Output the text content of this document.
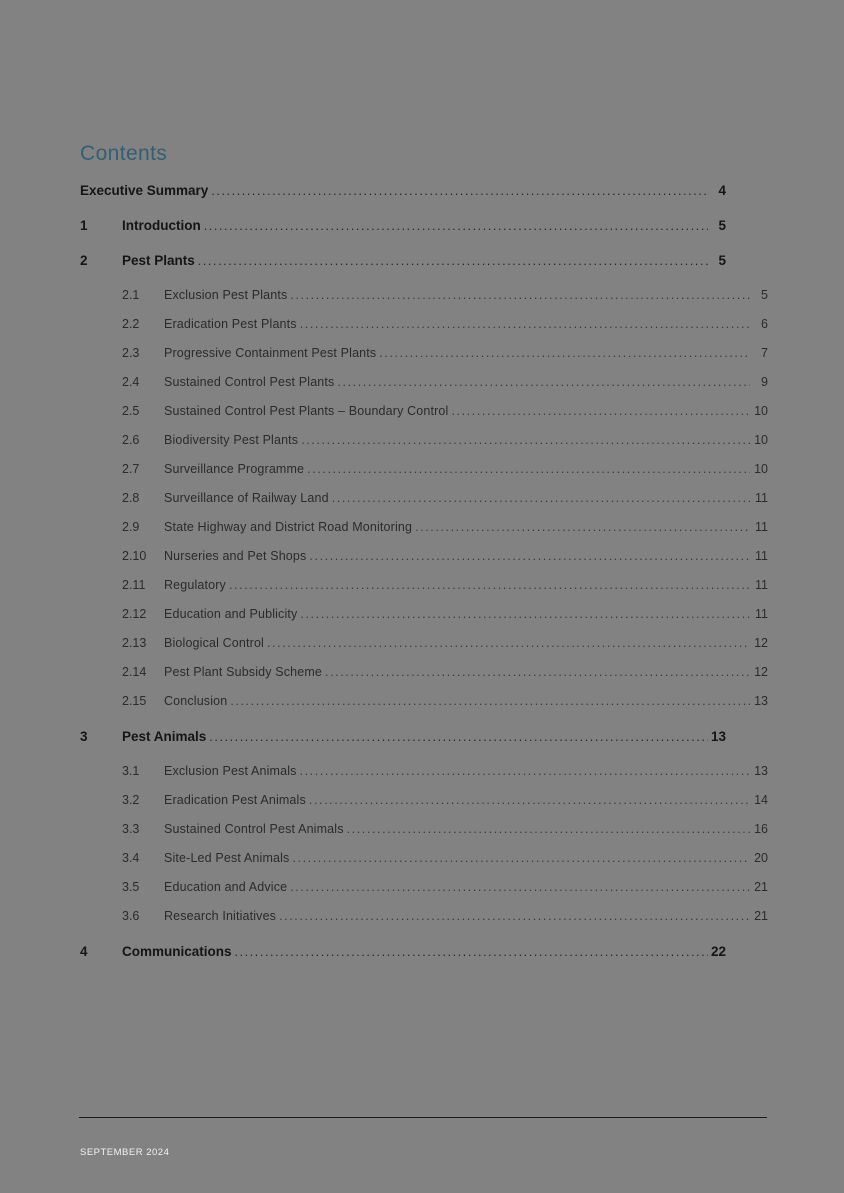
Contents
Executive Summary .....	4
1	Introduction .....	5
2	Pest Plants .....	5
2.1	Exclusion Pest Plants .....	5
2.2	Eradication Pest Plants .....	6
2.3	Progressive Containment Pest Plants .....	7
2.4	Sustained Control Pest Plants .....	9
2.5	Sustained Control Pest Plants – Boundary Control .....	10
2.6	Biodiversity Pest Plants .....	10
2.7	Surveillance Programme .....	10
2.8	Surveillance of Railway Land .....	11
2.9	State Highway and District Road Monitoring .....	11
2.10	Nurseries and Pet Shops .....	11
2.11	Regulatory .....	11
2.12	Education and Publicity .....	11
2.13	Biological Control .....	12
2.14	Pest Plant Subsidy Scheme .....	12
2.15	Conclusion .....	13
3	Pest Animals .....	13
3.1	Exclusion Pest Animals .....	13
3.2	Eradication Pest Animals .....	14
3.3	Sustained Control Pest Animals .....	16
3.4	Site-Led Pest Animals .....	20
3.5	Education and Advice .....	21
3.6	Research Initiatives .....	21
4	Communications .....	22
SEPTEMBER 2024
